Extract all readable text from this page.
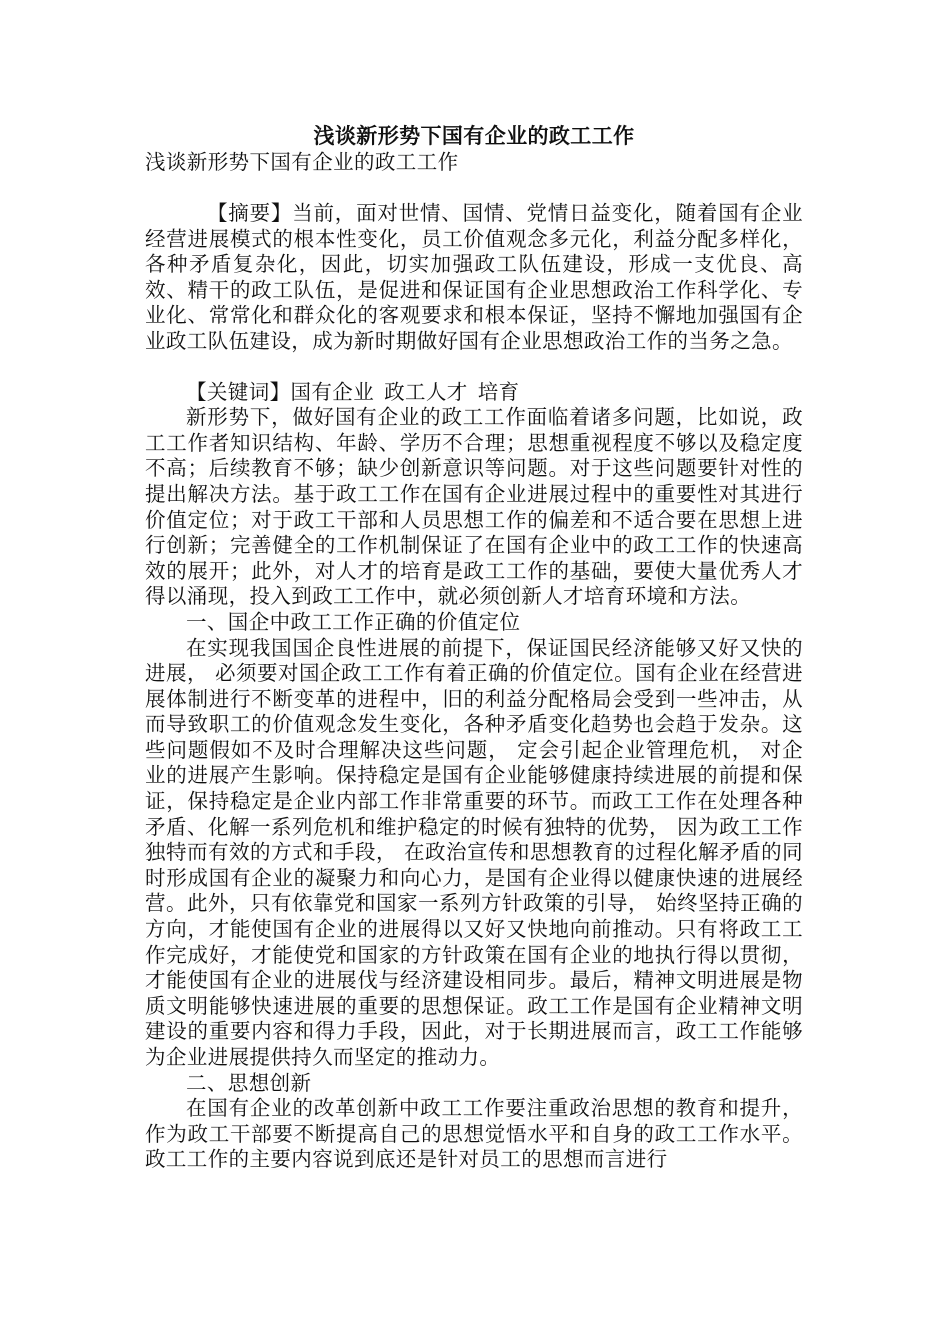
浅谈新形势下国有企业的政工工作

浅谈新形势下国有企业的政工工作

【摘要】当前，面对世情、国情、党情日益变化，随着国有企业经营进展模式的根本性变化，员工价值观念多元化，利益分配多样化，各种矛盾复杂化，因此，切实加强政工队伍建设，形成一支优良、高效、精干的政工队伍，是促进和保证国有企业思想政治工作科学化、专业化、常常化和群众化的客观要求和根本保证，坚持不懈地加强国有企业政工队伍建设，成为新时期做好国有企业思想政治工作的当务之急。

【关键词】国有企业 政工人才 培育

新形势下，做好国有企业的政工工作面临着诸多问题，比如说，政工工作者知识结构、年龄、学历不合理；思想重视程度不够以及稳定度不高；后续教育不够；缺少创新意识等问题。对于这些问题要针对性的提出解决方法。基于政工工作在国有企业进展过程中的重要性对其进行价值定位；对于政工干部和人员思想工作的偏差和不适合要在思想上进行创新；完善健全的工作机制保证了在国有企业中的政工工作的快速高效的展开；此外，对人才的培育是政工工作的基础，要使大量优秀人才得以涌现，投入到政工工作中，就必须创新人才培育环境和方法。

一、国企中政工工作正确的价值定位

在实现我国国企良性进展的前提下，保证国民经济能够又好又快的进展， 必须要对国企政工工作有着正确的价值定位。国有企业在经营进展体制进行不断变革的进程中，旧的利益分配格局会受到一些冲击，从而导致职工的价值观念发生变化，各种矛盾变化趋势也会趋于发杂。这些问题假如不及时合理解决这些问题， 定会引起企业管理危机， 对企业的进展产生影响。保持稳定是国有企业能够健康持续进展的前提和保证，保持稳定是企业内部工作非常重要的环节。而政工工作在处理各种矛盾、化解一系列危机和维护稳定的时候有独特的优势， 因为政工工作独特而有效的方式和手段， 在政治宣传和思想教育的过程化解矛盾的同时形成国有企业的凝聚力和向心力，是国有企业得以健康快速的进展经营。此外，只有依靠党和国家一系列方针政策的引导， 始终坚持正确的方向，才能使国有企业的进展得以又好又快地向前推动。只有将政工工作完成好，才能使党和国家的方针政策在国有企业的地执行得以贯彻， 才能使国有企业的进展伐与经济建设相同步。最后，精神文明进展是物质文明能够快速进展的重要的思想保证。政工工作是国有企业精神文明建设的重要内容和得力手段，因此，对于长期进展而言，政工工作能够为企业进展提供持久而坚定的推动力。

二、思想创新

在国有企业的改革创新中政工工作要注重政治思想的教育和提升，作为政工干部要不断提高自己的思想觉悟水平和自身的政工工作水平。政工工作的主要内容说到底还是针对员工的思想而言进行
